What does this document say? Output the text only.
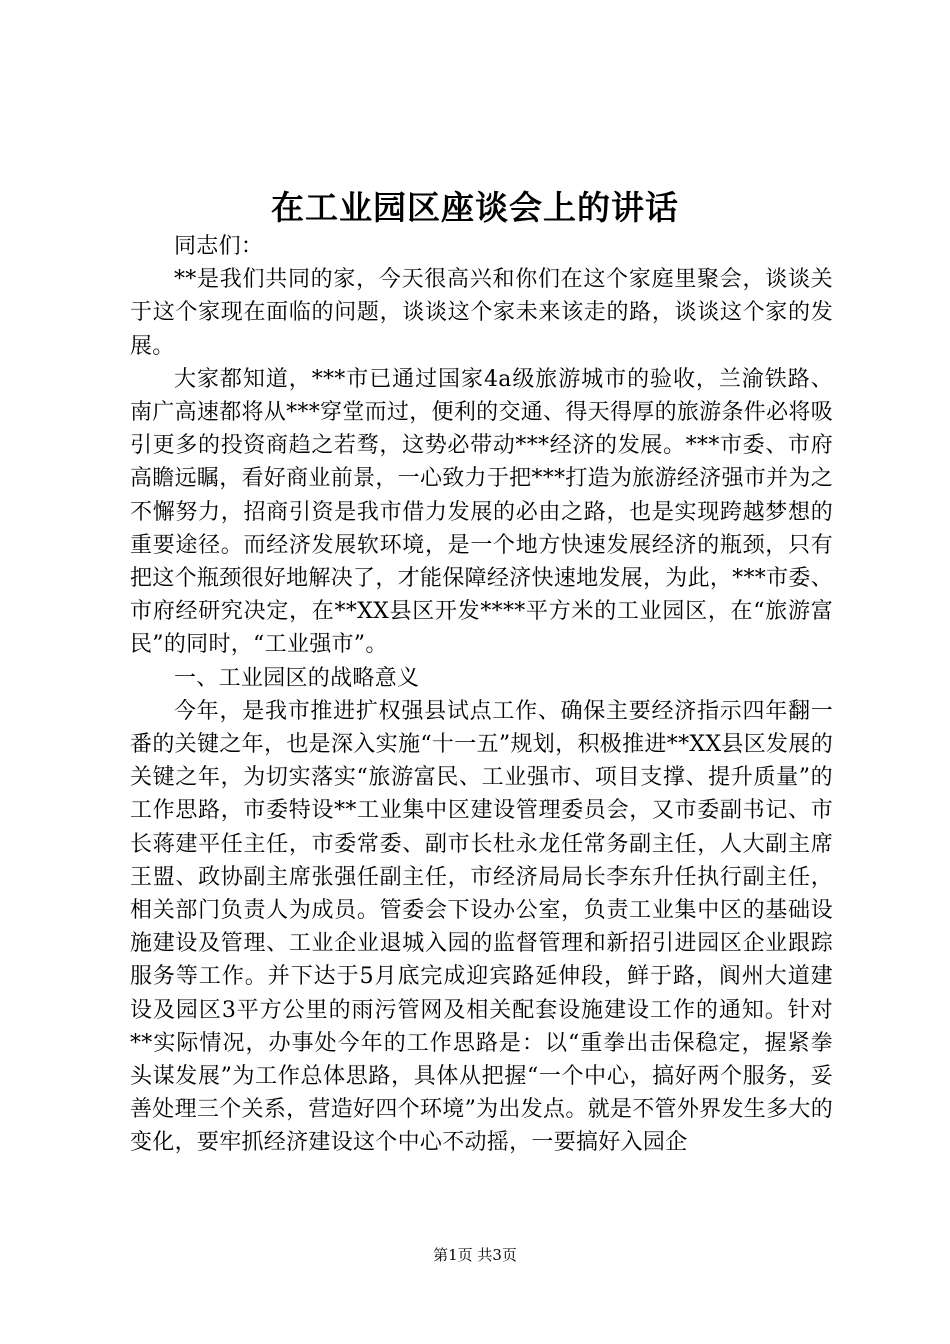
在工业园区座谈会上的讲话

同志们：

**是我们共同的家，今天很高兴和你们在这个家庭里聚会，谈谈关于这个家现在面临的问题，谈谈这个家未来该走的路，谈谈这个家的发展。

大家都知道，***市已通过国家4a级旅游城市的验收，兰渝铁路、南广高速都将从***穿堂而过，便利的交通、得天得厚的旅游条件必将吸引更多的投资商趋之若骛，这势必带动***经济的发展。***市委、市府高瞻远瞩，看好商业前景，一心致力于把***打造为旅游经济强市并为之不懈努力，招商引资是我市借力发展的必由之路，也是实现跨越梦想的重要途径。而经济发展软环境，是一个地方快速发展经济的瓶颈，只有把这个瓶颈很好地解决了，才能保障经济快速地发展，为此，***市委、市府经研究决定，在**XX县区开发****平方米的工业园区，在“旅游富民”的同时，“工业强市”。

一、工业园区的战略意义

今年，是我市推进扩权强县试点工作、确保主要经济指示四年翻一番的关键之年，也是深入实施“十一五”规划，积极推进**XX县区发展的关键之年，为切实落实“旅游富民、工业强市、项目支撑、提升质量”的工作思路，市委特设**工业集中区建设管理委员会，又市委副书记、市长蒋建平任主任，市委常委、副市长杜永龙任常务副主任，人大副主席王盟、政协副主席张强任副主任，市经济局局长李东升任执行副主任，相关部门负责人为成员。管委会下设办公室，负责工业集中区的基础设施建设及管理、工业企业退城入园的监督管理和新招引进园区企业跟踪服务等工作。并下达于5月底完成迎宾路延伸段，鲜于路，阆州大道建设及园区3平方公里的雨污管网及相关配套设施建设工作的通知。针对**实际情况，办事处今年的工作思路是：以“重拳出击保稳定，握紧拳头谋发展”为工作总体思路，具体从把握“一个中心，搞好两个服务，妥善处理三个关系，营造好四个环境”为出发点。就是不管外界发生多大的变化，要牢抓经济建设这个中心不动摇，一要搞好入园企

第1页 共3页
